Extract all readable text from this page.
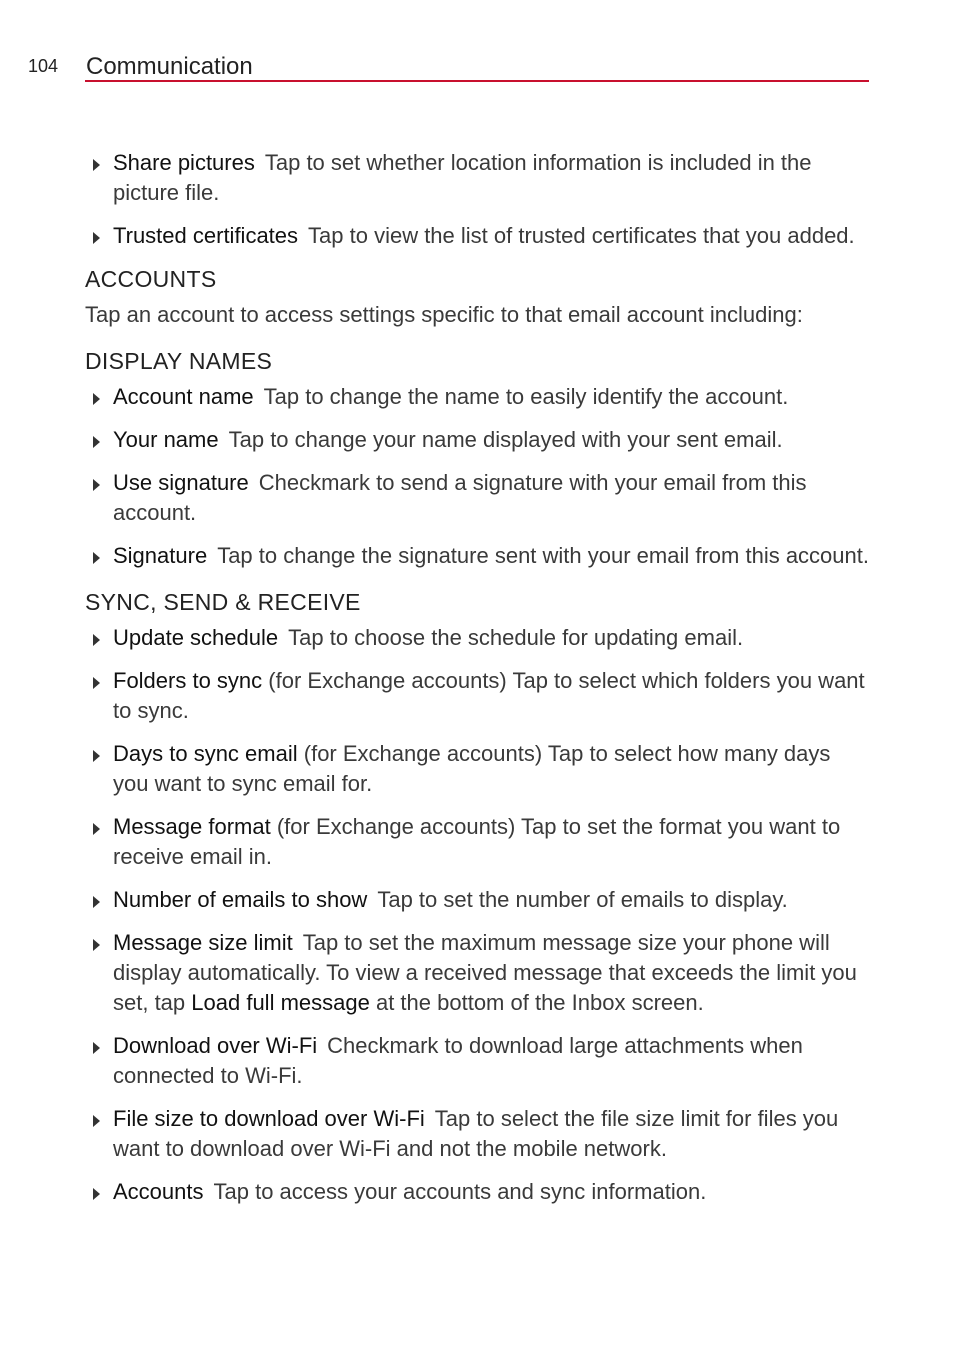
104 Communication
Share pictures Tap to set whether location information is included in the picture file.
Trusted certificates Tap to view the list of trusted certificates that you added.
ACCOUNTS
Tap an account to access settings specific to that email account including:
DISPLAY NAMES
Account name Tap to change the name to easily identify the account.
Your name Tap to change your name displayed with your sent email.
Use signature Checkmark to send a signature with your email from this account.
Signature Tap to change the signature sent with your email from this account.
SYNC, SEND & RECEIVE
Update schedule Tap to choose the schedule for updating email.
Folders to sync (for Exchange accounts) Tap to select which folders you want to sync.
Days to sync email (for Exchange accounts) Tap to select how many days you want to sync email for.
Message format (for Exchange accounts) Tap to set the format you want to receive email in.
Number of emails to show Tap to set the number of emails to display.
Message size limit Tap to set the maximum message size your phone will display automatically. To view a received message that exceeds the limit you set, tap Load full message at the bottom of the Inbox screen.
Download over Wi-Fi Checkmark to download large attachments when connected to Wi-Fi.
File size to download over Wi-Fi Tap to select the file size limit for files you want to download over Wi-Fi and not the mobile network.
Accounts Tap to access your accounts and sync information.
